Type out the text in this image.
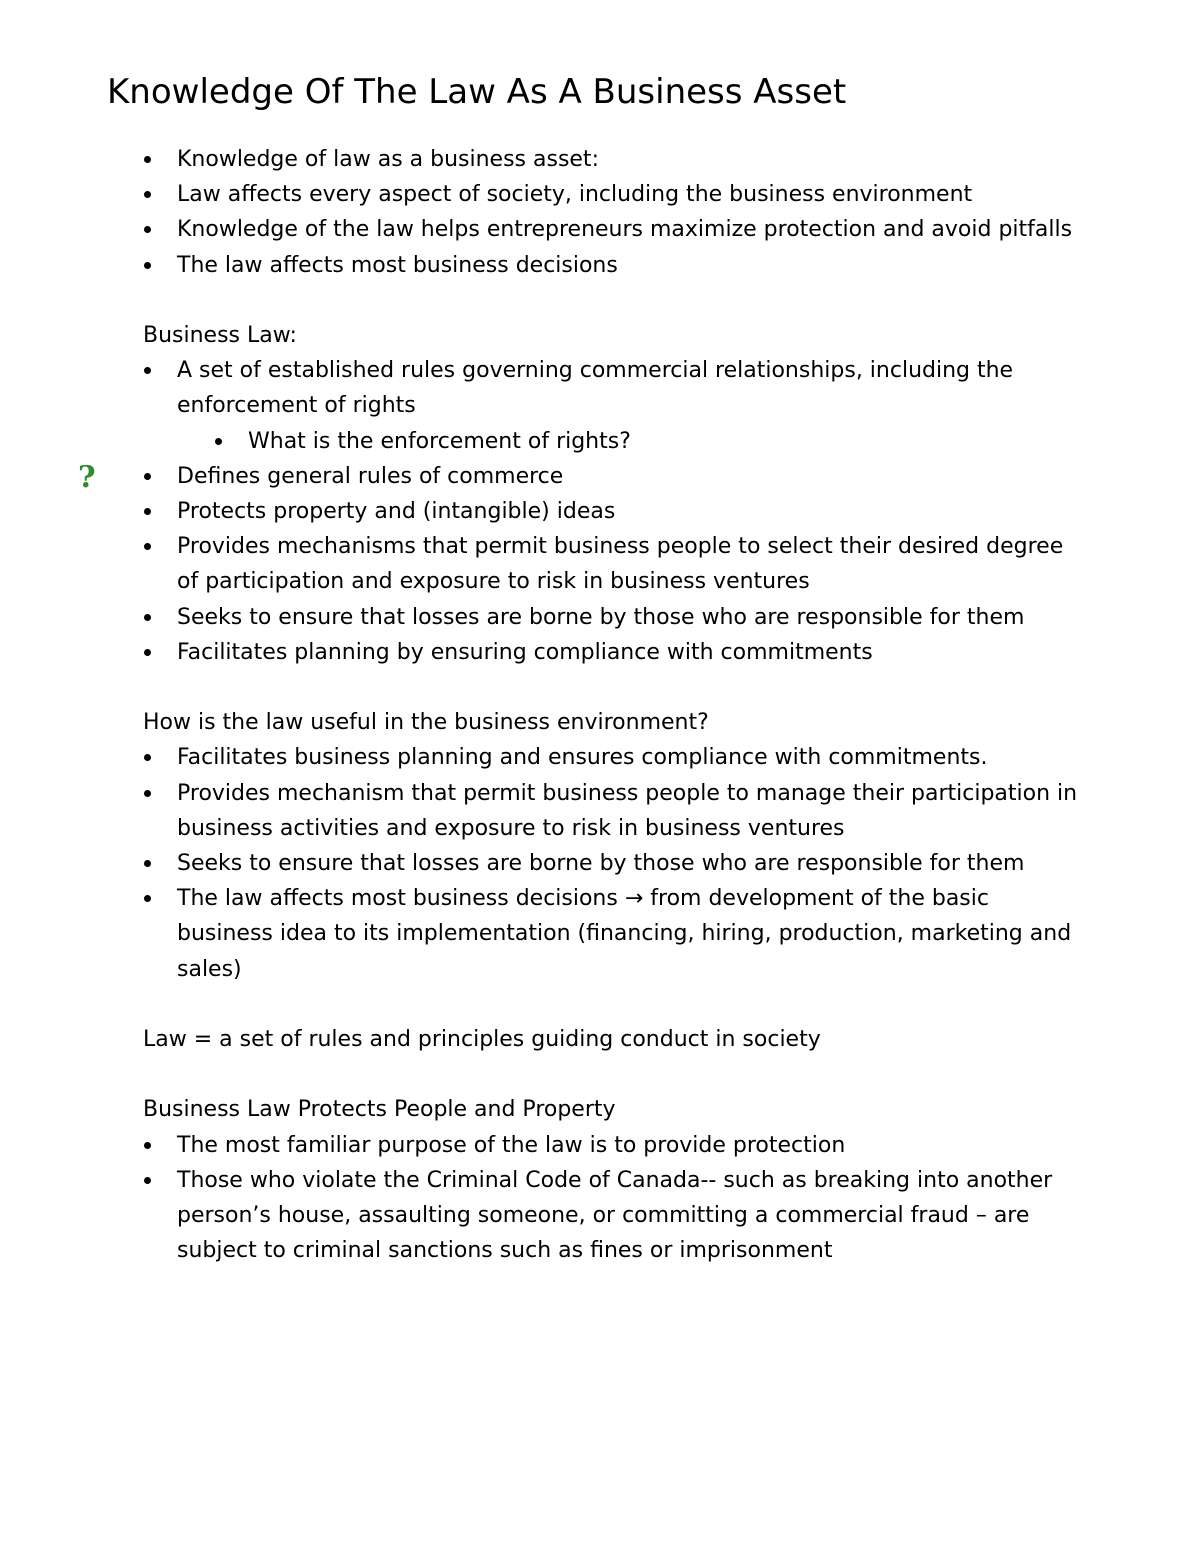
Knowledge Of The Law As A Business Asset
?
Knowledge of law as a business asset:
Law affects every aspect of society, including the business environment
Knowledge of the law helps entrepreneurs maximize protection and avoid pitfalls
The law affects most business decisions

Business Law:

A set of established rules governing commercial relationships, including the enforcement of rights
What is the enforcement of rights?
Defines general rules of commerce
Protects property and (intangible) ideas
Provides mechanisms that permit business people to select their desired degree of participation and exposure to risk in business ventures
Seeks to ensure that losses are borne by those who are responsible for them
Facilitates planning by ensuring compliance with commitments

How is the law useful in the business environment?

Facilitates business planning and ensures compliance with commitments.
Provides mechanism that permit business people to manage their participation in business activities and exposure to risk in business ventures
Seeks to ensure that losses are borne by those who are responsible for them
The law affects most business decisions → from development of the basic business idea to its implementation (financing, hiring, production, marketing and sales)

Law = a set of rules and principles guiding conduct in society

Business Law Protects People and Property

The most familiar purpose of the law is to provide protection
Those who violate the Criminal Code of Canada-- such as breaking into another person’s house, assaulting someone, or committing a commercial fraud – are subject to criminal sanctions such as fines or imprisonment
